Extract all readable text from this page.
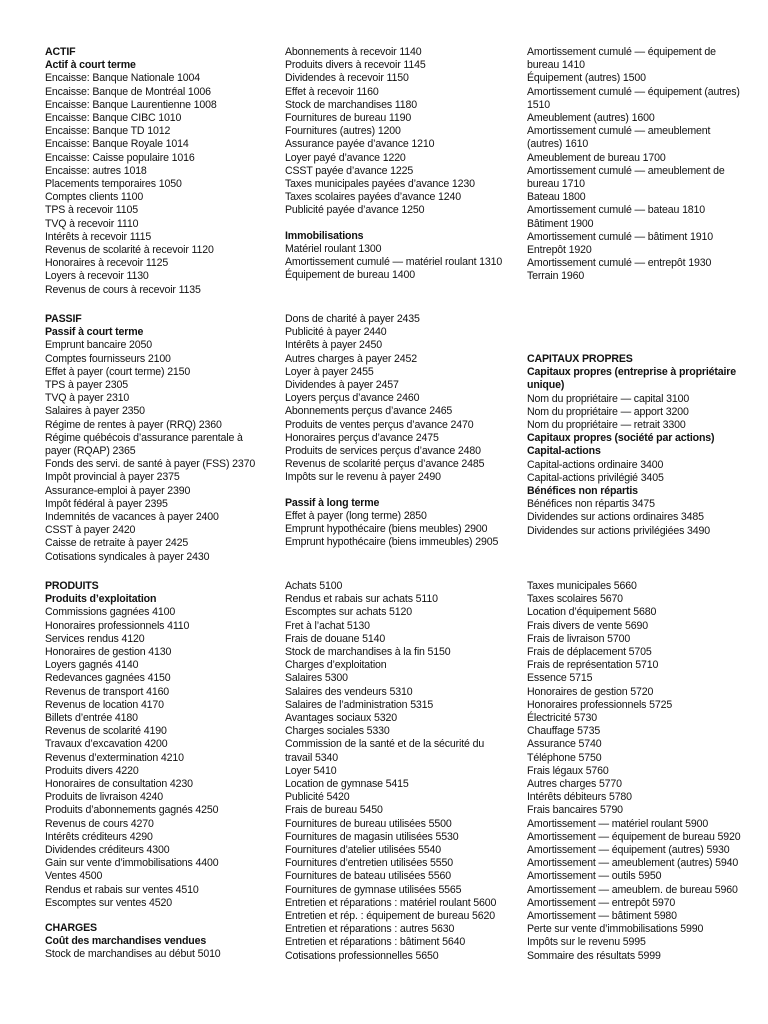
ACTIF
Actif à court terme
Encaisse: Banque Nationale 1004
Encaisse: Banque de Montréal 1006
Encaisse: Banque Laurentienne 1008
Encaisse: Banque CIBC 1010
Encaisse: Banque TD 1012
Encaisse: Banque Royale 1014
Encaisse: Caisse populaire 1016
Encaisse: autres 1018
Placements temporaires 1050
Comptes clients 1100
TPS à recevoir 1105
TVQ à recevoir 1110
Intérêts à recevoir 1115
Revenus de scolarité à recevoir 1120
Honoraires à recevoir 1125
Loyers à recevoir 1130
Revenus de cours à recevoir 1135
PASSIF
Passif à court terme
Emprunt bancaire 2050
Comptes fournisseurs 2100
Effet à payer (court terme) 2150
TPS à payer 2305
TVQ à payer 2310
Salaires à payer 2350
Régime de rentes à payer (RRQ) 2360
Régime québécois d’assurance parentale à
payer (RQAP) 2365
Fonds des servi. de santé à payer (FSS) 2370
Impôt provincial à payer 2375
Assurance-emploi à payer 2390
Impôt fédéral à payer 2395
Indemnités de vacances à payer 2400
CSST à payer 2420
Caisse de retraite à payer 2425
Cotisations syndicales à payer 2430
PRODUITS
Produits d’exploitation
Commissions gagnées 4100
Honoraires professionnels 4110
Services rendus 4120
Honoraires de gestion 4130
Loyers gagnés 4140
Redevances gagnées 4150
Revenus de transport 4160
Revenus de location 4170
Billets d’entrée 4180
Revenus de scolarité 4190
Travaux d’excavation 4200
Revenus d’extermination 4210
Produits divers 4220
Honoraires de consultation 4230
Produits de livraison 4240
Produits d’abonnements gagnés 4250
Revenus de cours 4270
Intérêts créditeurs 4290
Dividendes créditeurs 4300
Gain sur vente d’immobilisations 4400
Ventes 4500
Rendus et rabais sur ventes 4510
Escomptes sur ventes 4520
CHARGES
Coût des marchandises vendues
Stock de marchandises au début 5010
Abonnements à recevoir 1140
Produits divers à recevoir 1145
Dividendes à recevoir 1150
Effet à recevoir 1160
Stock de marchandises 1180
Fournitures de bureau 1190
Fournitures (autres) 1200
Assurance payée d’avance 1210
Loyer payé d’avance 1220
CSST payée d’avance 1225
Taxes municipales payées d’avance 1230
Taxes scolaires payées d’avance 1240
Publicité payée d’avance 1250
Immobilisations
Matériel roulant 1300
Amortissement cumulé — matériel roulant 1310
Équipement de bureau 1400
Dons de charité à payer 2435
Publicité à payer 2440
Intérêts à payer 2450
Autres charges à payer 2452
Loyer à payer 2455
Dividendes à payer 2457
Loyers perçus d’avance 2460
Abonnements perçus d’avance 2465
Produits de ventes perçus d’avance 2470
Honoraires perçus d’avance 2475
Produits de services perçus d’avance 2480
Revenus de scolarité perçus d’avance 2485
Impôts sur le revenu à payer 2490
Passif à long terme
Effet à payer (long terme) 2850
Emprunt hypothécaire (biens meubles) 2900
Emprunt hypothécaire (biens immeubles) 2905
Achats 5100
Rendus et rabais sur achats 5110
Escomptes sur achats 5120
Fret à l’achat 5130
Frais de douane 5140
Stock de marchandises à la fin 5150
Charges d’exploitation
Salaires 5300
Salaires des vendeurs 5310
Salaires de l’administration 5315
Avantages sociaux 5320
Charges sociales 5330
Commission de la santé et de la sécurité du
travail 5340
Loyer 5410
Location de gymnase 5415
Publicité 5420
Frais de bureau 5450
Fournitures de bureau utilisées 5500
Fournitures de magasin utilisées 5530
Fournitures d’atelier utilisées 5540
Fournitures d’entretien utilisées 5550
Fournitures de bateau utilisées 5560
Fournitures de gymnase utilisées 5565
Entretien et réparations : matériel roulant 5600
Entretien et rép. : équipement de bureau 5620
Entretien et réparations : autres 5630
Entretien et réparations : bâtiment 5640
Cotisations professionnelles 5650
Amortissement cumulé — équipement de
bureau 1410
Équipement (autres) 1500
Amortissement cumulé — équipement (autres)
1510
Ameublement (autres) 1600
Amortissement cumulé — ameublement
(autres) 1610
Ameublement de bureau 1700
Amortissement cumulé — ameublement de
bureau 1710
Bateau 1800
Amortissement cumulé — bateau 1810
Bâtiment 1900
Amortissement cumulé — bâtiment 1910
Entrepôt 1920
Amortissement cumulé — entrepôt 1930
Terrain 1960
CAPITAUX PROPRES
Capitaux propres (entreprise à propriétaire
unique)
Nom du propriétaire — capital 3100
Nom du propriétaire — apport 3200
Nom du propriétaire — retrait 3300
Capitaux propres (société par actions)
Capital-actions
Capital-actions ordinaire 3400
Capital-actions privilégié 3405
Bénéfices non répartis
Bénéfices non répartis 3475
Dividendes sur actions ordinaires 3485
Dividendes sur actions privilégiées 3490
Taxes municipales 5660
Taxes scolaires 5670
Location d’équipement 5680
Frais divers de vente 5690
Frais de livraison 5700
Frais de déplacement 5705
Frais de représentation 5710
Essence 5715
Honoraires de gestion 5720
Honoraires professionnels 5725
Électricité 5730
Chauffage 5735
Assurance 5740
Téléphone 5750
Frais légaux 5760
Autres charges 5770
Intérêts débiteurs 5780
Frais bancaires 5790
Amortissement — matériel roulant 5900
Amortissement — équipement de bureau 5920
Amortissement — équipement (autres) 5930
Amortissement — ameublement (autres) 5940
Amortissement — outils 5950
Amortissement — ameublem. de bureau 5960
Amortissement — entrepôt 5970
Amortissement — bâtiment 5980
Perte sur vente d’immobilisations 5990
Impôts sur le revenu 5995
Sommaire des résultats 5999
